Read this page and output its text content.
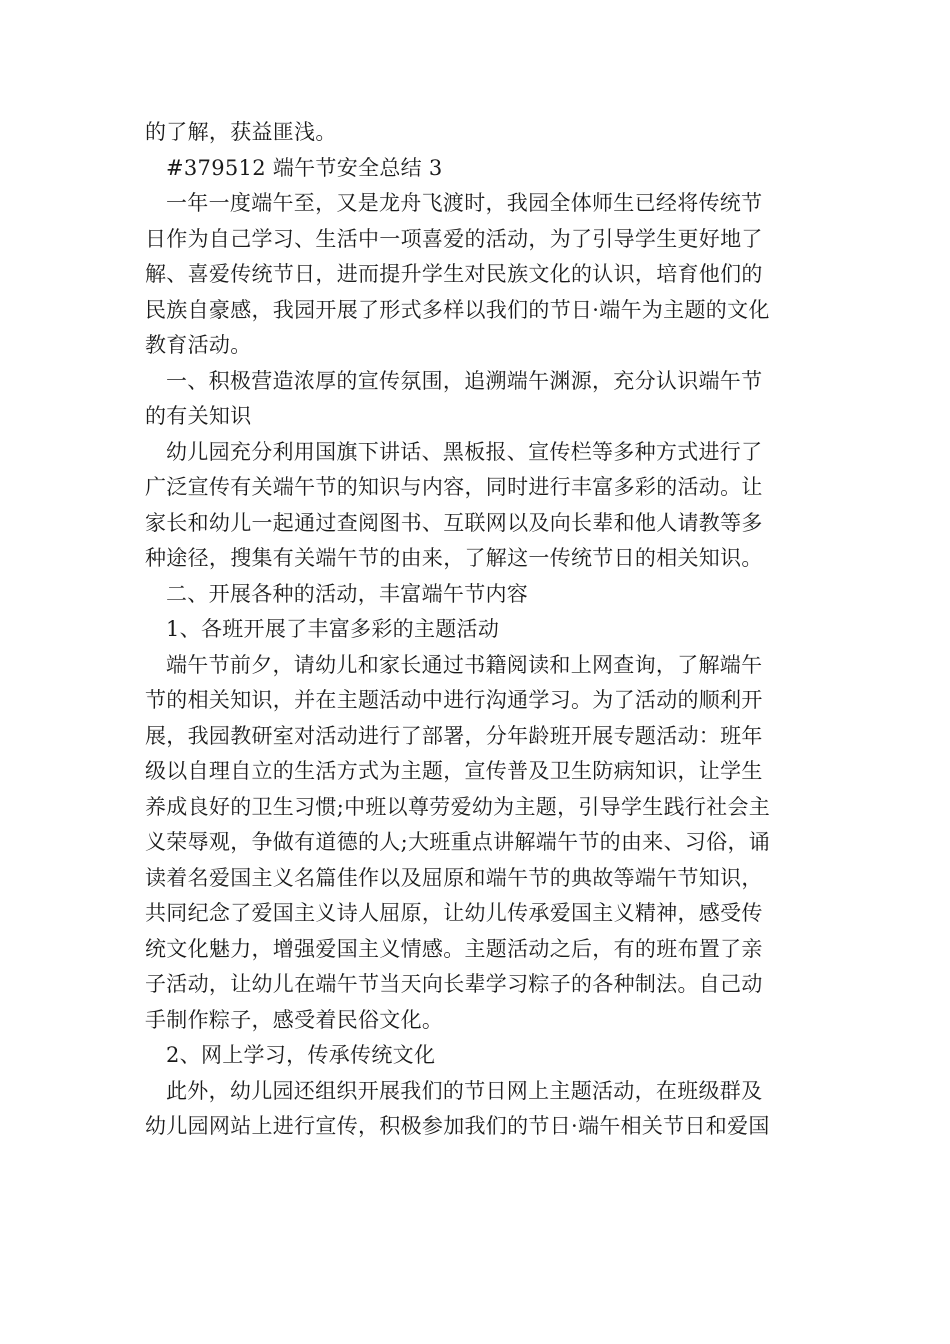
的了解，获益匪浅。
#379512 端午节安全总结 3
一年一度端午至，又是龙舟飞渡时，我园全体师生已经将传统节
日作为自己学习、生活中一项喜爱的活动，为了引导学生更好地了
解、喜爱传统节日，进而提升学生对民族文化的认识，培育他们的
民族自豪感，我园开展了形式多样以我们的节日·端午为主题的文化
教育活动。
一、积极营造浓厚的宣传氛围，追溯端午渊源，充分认识端午节
的有关知识
幼儿园充分利用国旗下讲话、黑板报、宣传栏等多种方式进行了
广泛宣传有关端午节的知识与内容，同时进行丰富多彩的活动。让
家长和幼儿一起通过查阅图书、互联网以及向长辈和他人请教等多
种途径，搜集有关端午节的由来，了解这一传统节日的相关知识。
二、开展各种的活动，丰富端午节内容
1、各班开展了丰富多彩的主题活动
端午节前夕，请幼儿和家长通过书籍阅读和上网查询，了解端午
节的相关知识，并在主题活动中进行沟通学习。为了活动的顺利开
展，我园教研室对活动进行了部署，分年龄班开展专题活动：班年
级以自理自立的生活方式为主题，宣传普及卫生防病知识，让学生
养成良好的卫生习惯;中班以尊劳爱幼为主题，引导学生践行社会主
义荣辱观，争做有道德的人;大班重点讲解端午节的由来、习俗，诵
读着名爱国主义名篇佳作以及屈原和端午节的典故等端午节知识，
共同纪念了爱国主义诗人屈原，让幼儿传承爱国主义精神，感受传
统文化魅力，增强爱国主义情感。主题活动之后，有的班布置了亲
子活动，让幼儿在端午节当天向长辈学习粽子的各种制法。自己动
手制作粽子，感受着民俗文化。
2、网上学习，传承传统文化
此外，幼儿园还组织开展我们的节日网上主题活动，在班级群及
幼儿园网站上进行宣传，积极参加我们的节日·端午相关节日和爱国
